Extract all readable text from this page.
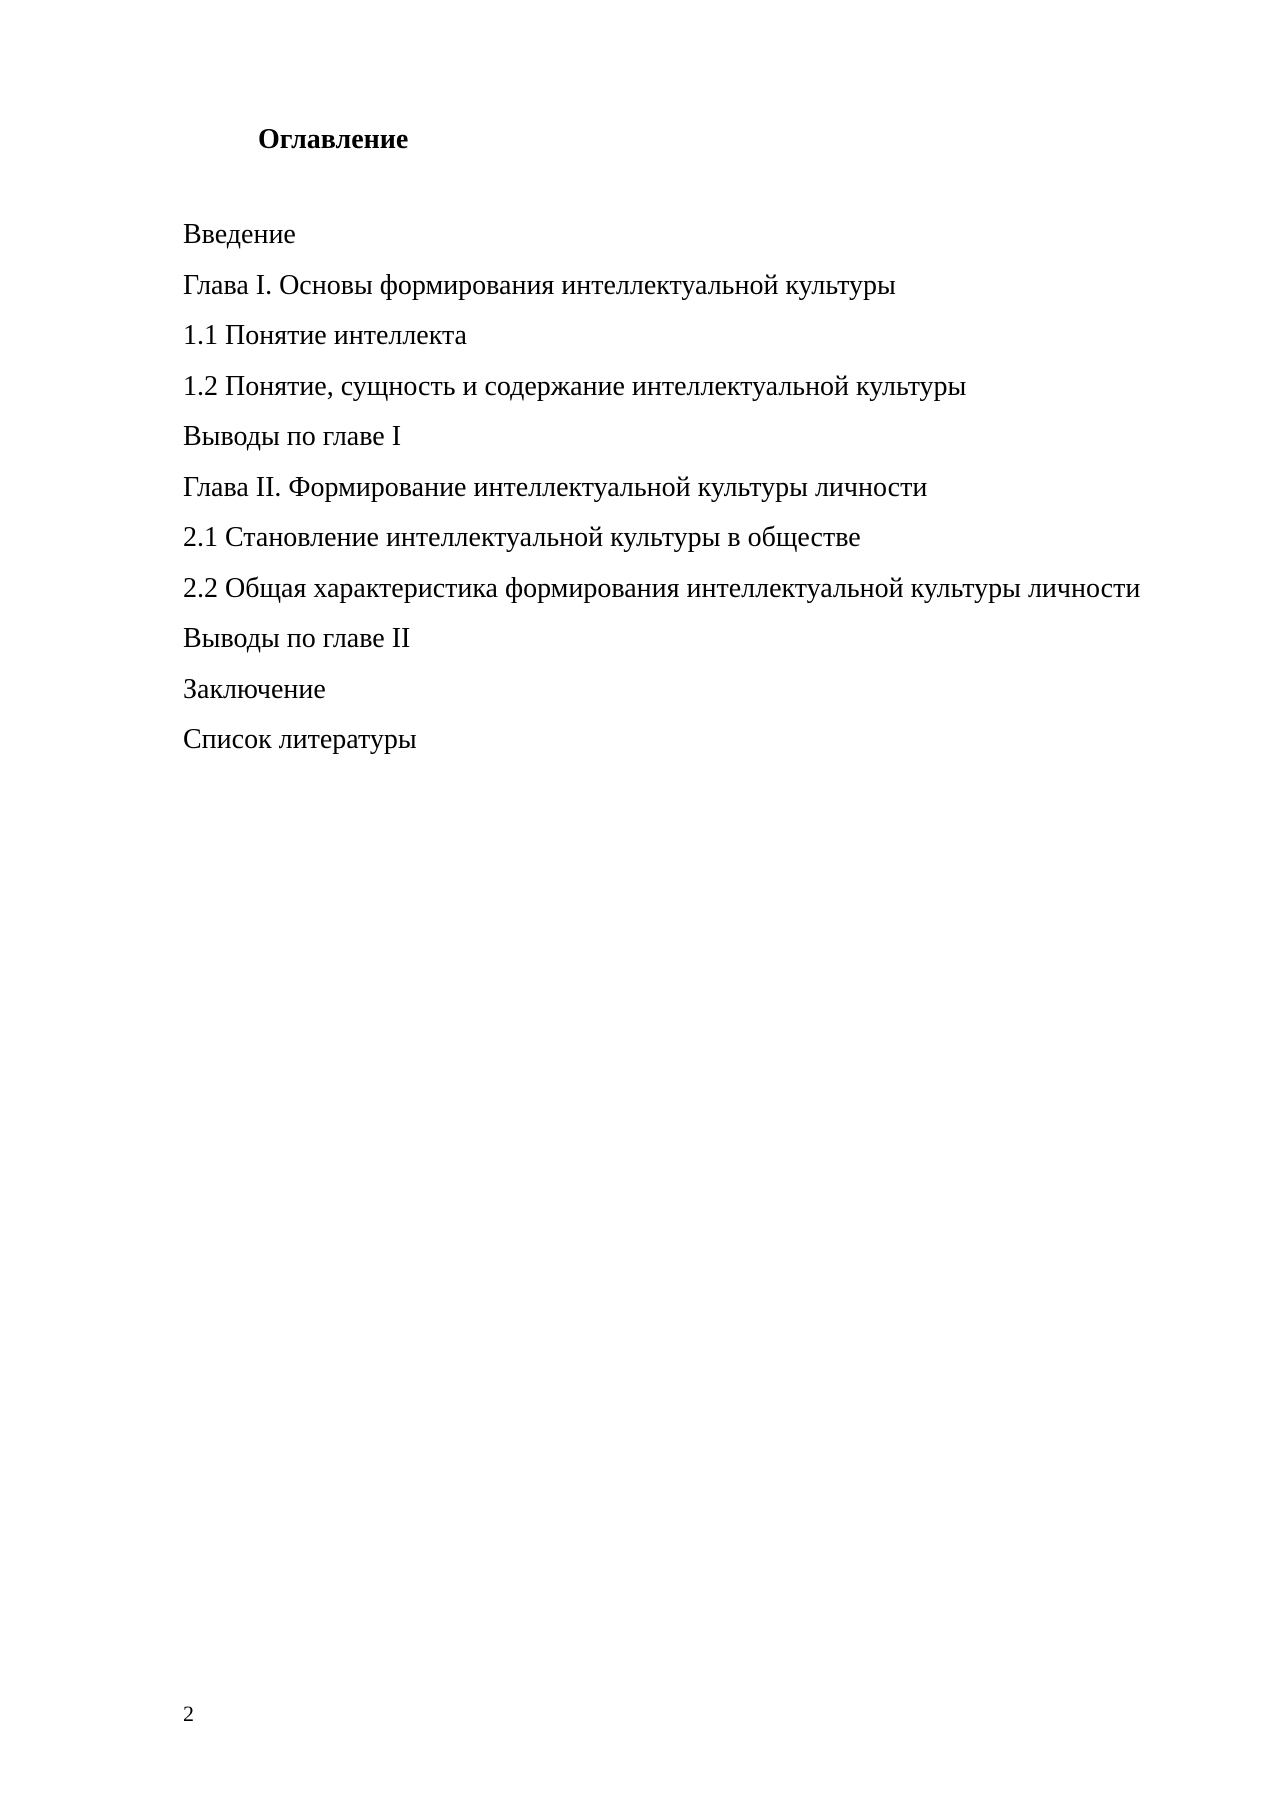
Оглавление
Введение
Глава I. Основы формирования интеллектуальной культуры
1.1 Понятие интеллекта
1.2 Понятие, сущность и содержание интеллектуальной культуры
Выводы по главе I
Глава II. Формирование интеллектуальной культуры личности
2.1 Становление интеллектуальной культуры в обществе
2.2 Общая характеристика формирования интеллектуальной культуры личности
Выводы по главе II
Заключение
Список литературы
2
